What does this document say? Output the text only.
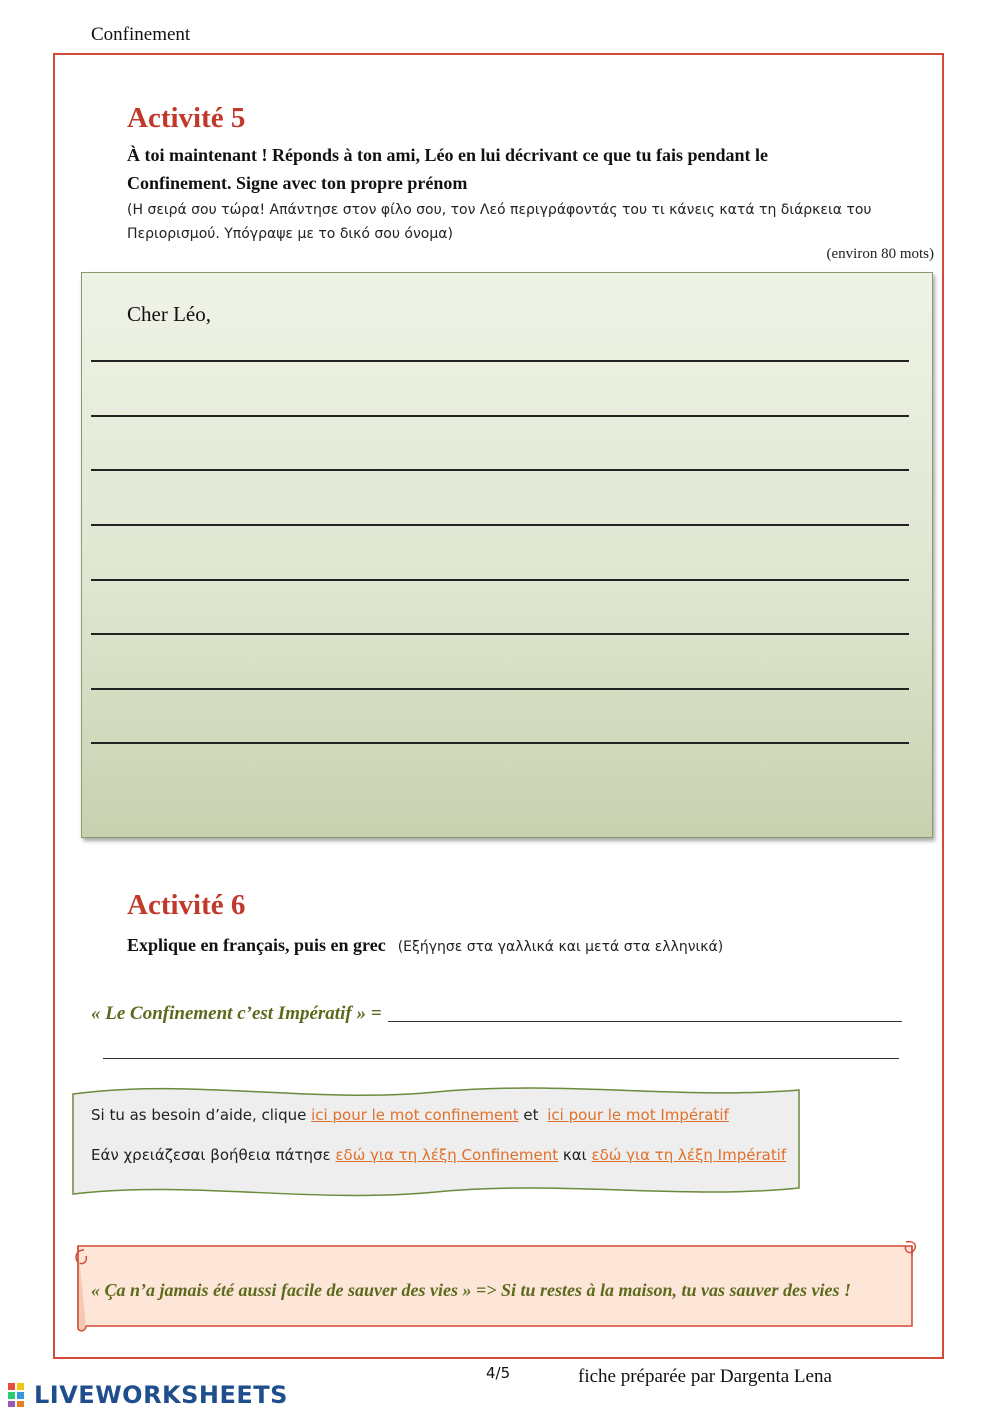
Confinement
Activité 5
À toi maintenant ! Réponds à ton ami, Léo en lui décrivant ce que tu fais pendant le
Confinement. Signe avec ton propre prénom
(Η σειρά σου τώρα! Απάντησε στον φίλο σου, τον Λεό περιγράφοντάς του τι κάνεις κατά τη διάρκεια του
Περιορισμού. Υπόγραψε με το δικό σου όνομα)
(environ 80 mots)
Cher Léo,
Activité 6
Explique en français, puis en grec (Εξήγησε στα γαλλικά και μετά στα ελληνικά)
« Le Confinement c’est Impératif » =
Si tu as besoin d’aide, clique ici pour le mot confinement et ici pour le mot Impératif
Εάν χρειάζεσαι βοήθεια πάτησε εδώ για τη λέξη Confinement και εδώ για τη λέξη Impératif
« Ça n’a jamais été aussi facile de sauver des vies » => Si tu restes à la maison, tu vas sauver des vies !
4/5	fiche préparée par Dargenta Lena
LIVEWORKSHEETS
